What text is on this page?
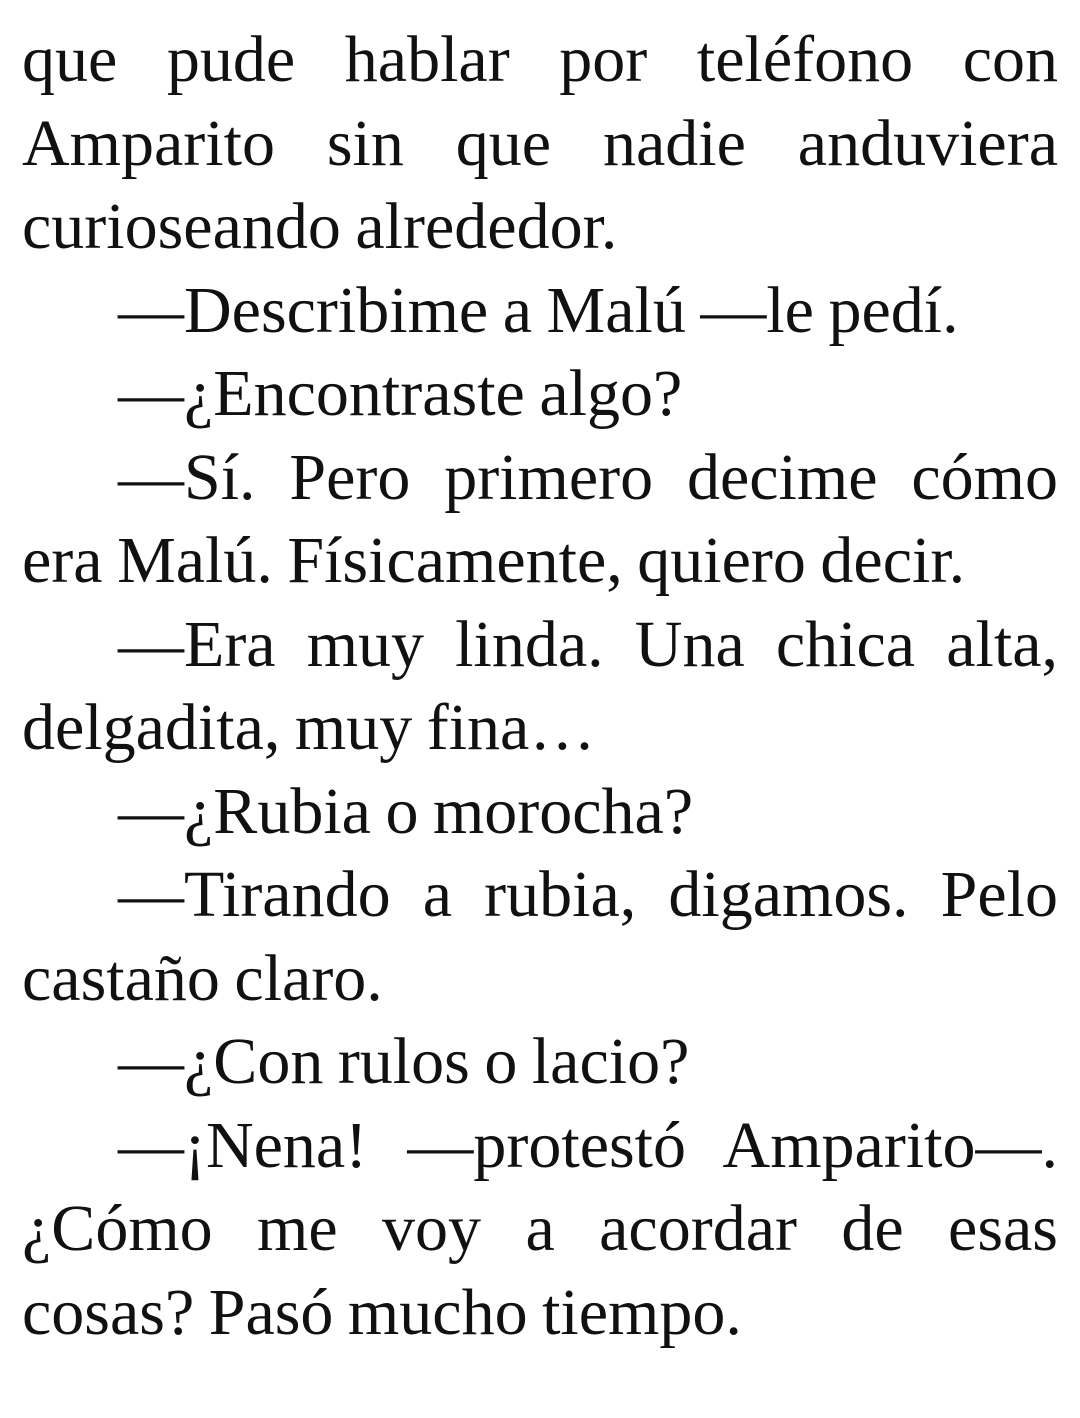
que pude hablar por teléfono con Amparito sin que nadie anduviera curioseando alrededor.

—Describime a Malú —le pedí.

—¿Encontraste algo?

—Sí. Pero primero decime cómo era Malú. Físicamente, quiero decir.

—Era muy linda. Una chica alta, delgadita, muy fina…

—¿Rubia o morocha?

—Tirando a rubia, digamos. Pelo castaño claro.

—¿Con rulos o lacio?

—¡Nena! —protestó Amparito—. ¿Cómo me voy a acordar de esas cosas? Pasó mucho tiempo.
